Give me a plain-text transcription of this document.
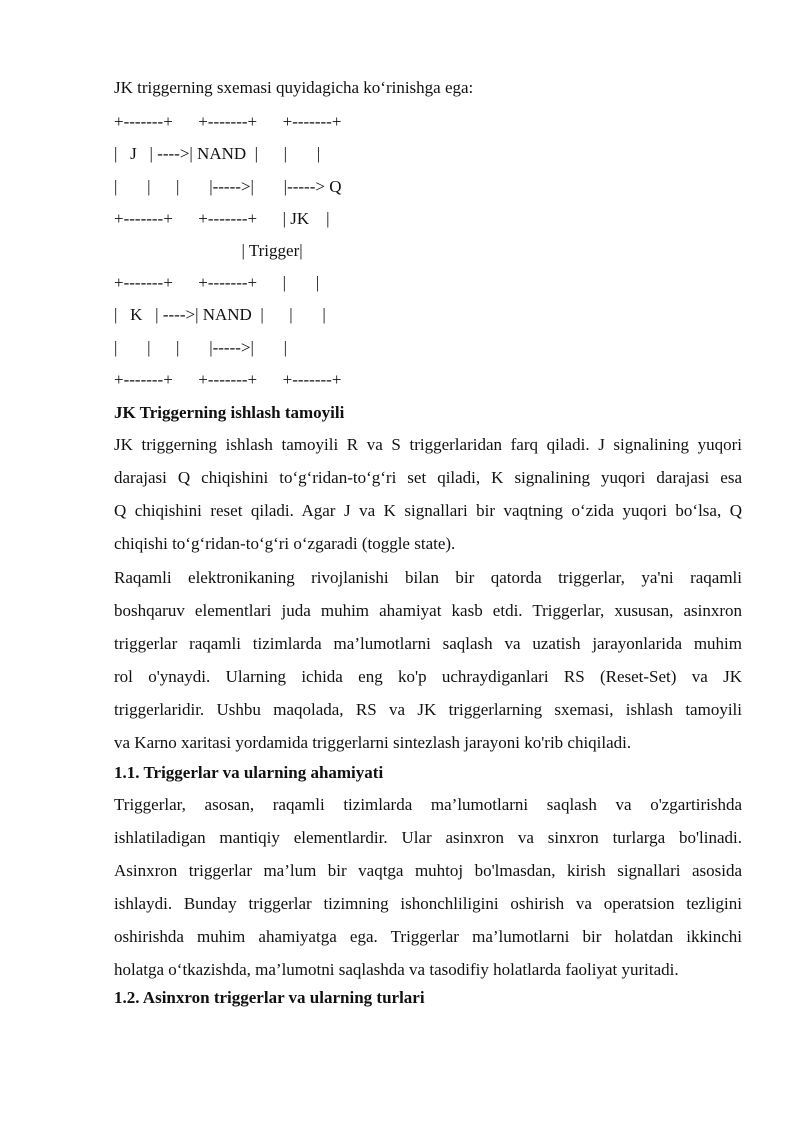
JK triggerning sxemasi quyidagicha ko‘rinishga ega:
+-------+      +-------+      +-------+
|   J   | ---->| NAND  |      |       |
|       |      |       |----->|       |-----> Q
+-------+      +-------+      | JK    |
| Trigger|
+-------+      +-------+      |       |
|   K   | ---->| NAND  |      |       |
|       |      |       |----->|       |
+-------+      +-------+      +-------+
JK Triggerning ishlash tamoyili
JK triggerning ishlash tamoyili R va S triggerlaridan farq qiladi. J signalining yuqori
darajasi Q chiqishini to‘g‘ridan-to‘g‘ri set qiladi, K signalining yuqori darajasi esa
Q chiqishini reset qiladi. Agar J va K signallari bir vaqtning o‘zida yuqori bo‘lsa, Q
chiqishi to‘g‘ridan-to‘g‘ri o‘zgaradi (toggle state).
Raqamli elektronikaning rivojlanishi bilan bir qatorda triggerlar, ya'ni raqamli
boshqaruv elementlari juda muhim ahamiyat kasb etdi. Triggerlar, xususan, asinxron
triggerlar raqamli tizimlarda ma’lumotlarni saqlash va uzatish jarayonlarida muhim
rol o'ynaydi. Ularning ichida eng ko'p uchraydiganlari RS (Reset-Set) va JK
triggerlaridir. Ushbu maqolada, RS va JK triggerlarning sxemasi, ishlash tamoyili
va Karno xaritasi yordamida triggerlarni sintezlash jarayoni ko'rib chiqiladi.
1.1. Triggerlar va ularning ahamiyati
Triggerlar, asosan, raqamli tizimlarda ma’lumotlarni saqlash va o'zgartirishda
ishlatiladigan mantiqiy elementlardir. Ular asinxron va sinxron turlarga bo'linadi.
Asinxron triggerlar ma’lum bir vaqtga muhtoj bo'lmasdan, kirish signallari asosida
ishlaydi. Bunday triggerlar tizimning ishonchliligini oshirish va operatsion tezligini
oshirishda muhim ahamiyatga ega. Triggerlar ma’lumotlarni bir holatdan ikkinchi
holatga o‘tkazishda, ma’lumotni saqlashda va tasodifiy holatlarda faoliyat yuritadi.
1.2. Asinxron triggerlar va ularning turlari
